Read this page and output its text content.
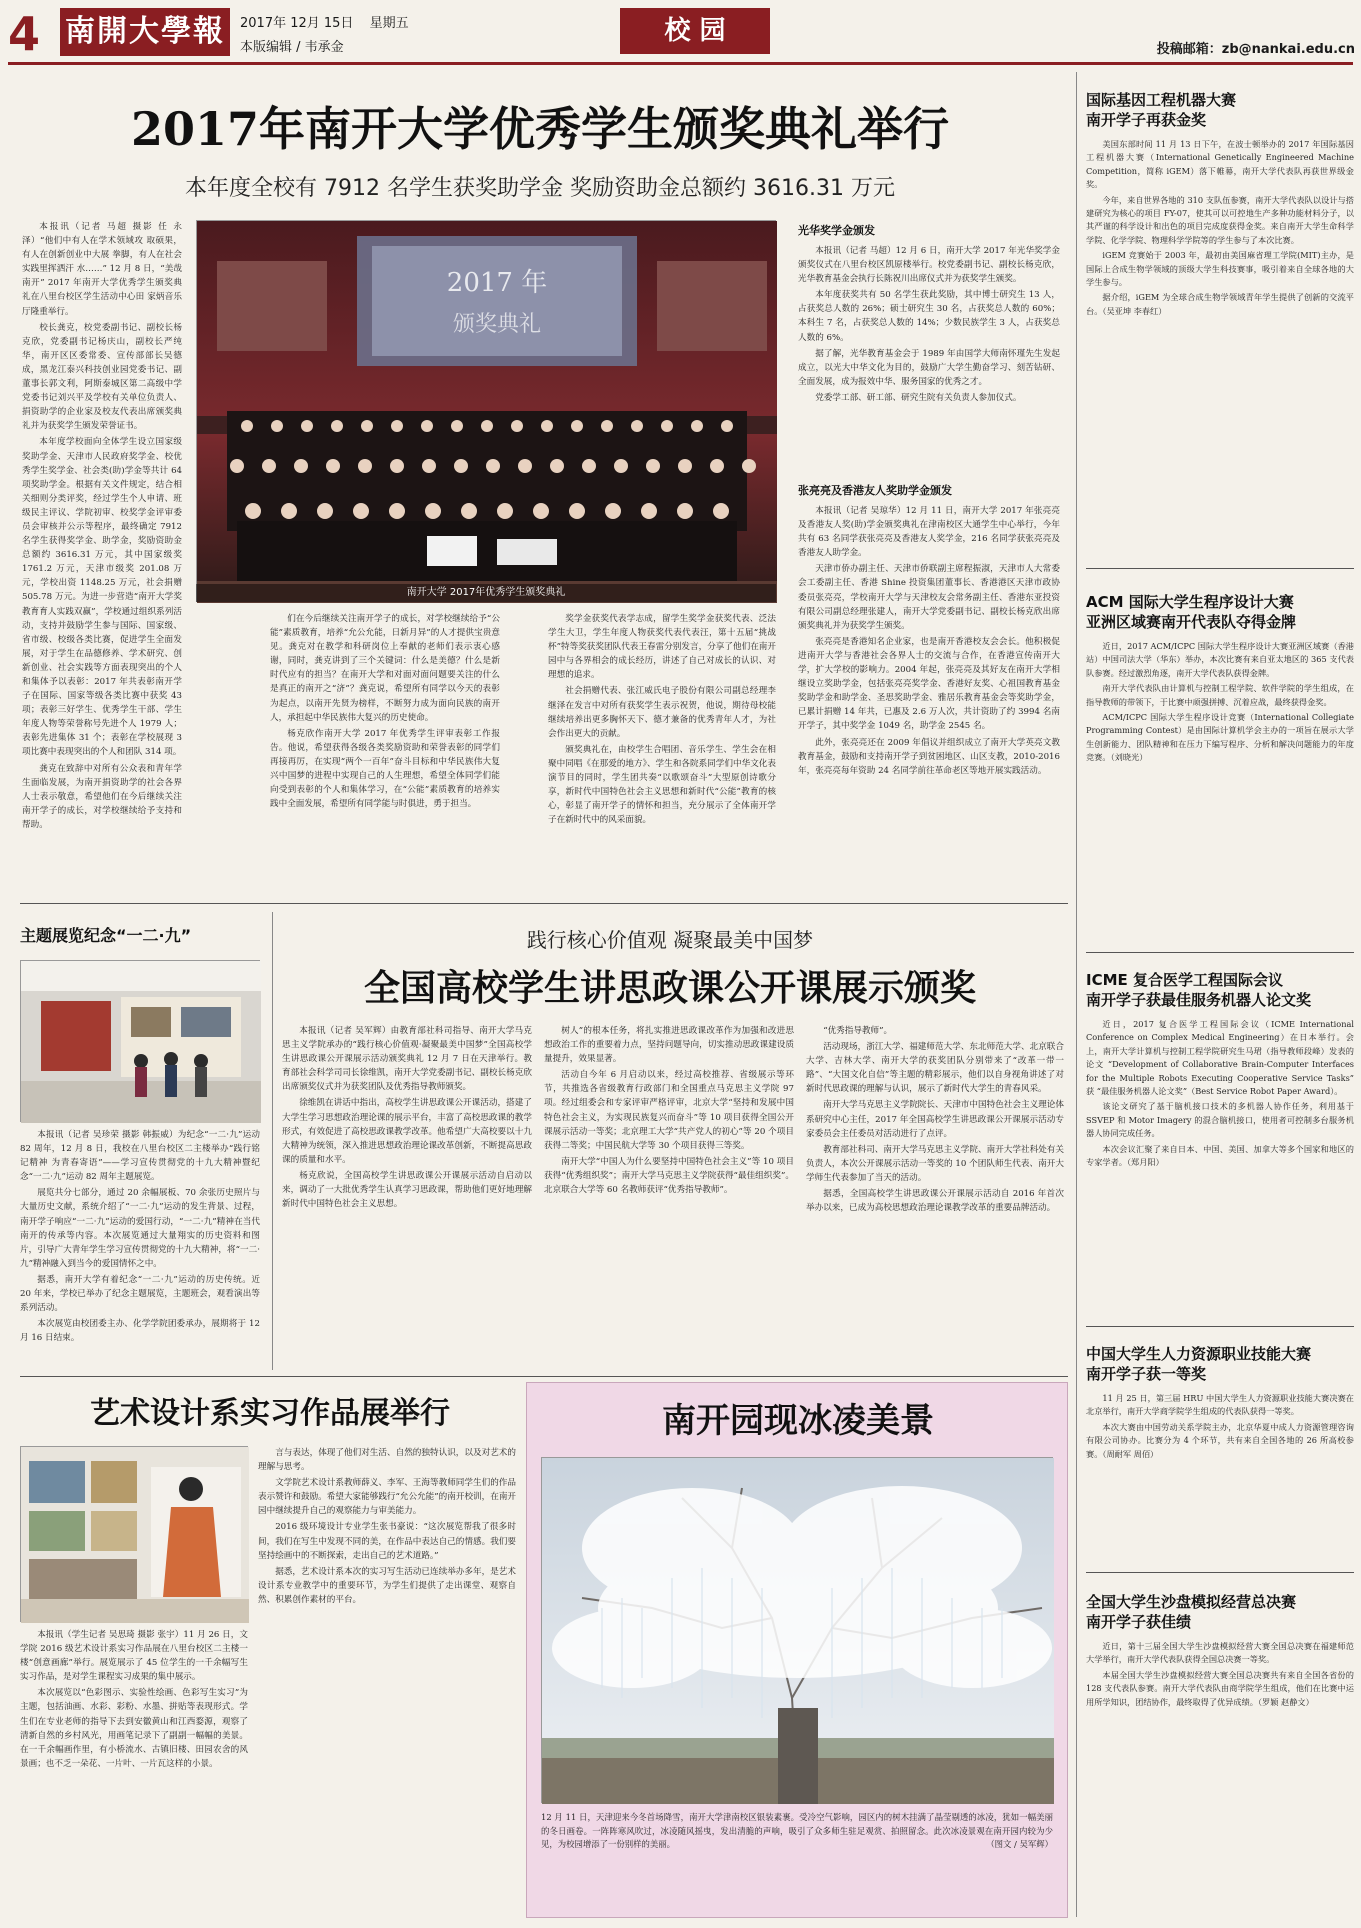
4 南開大學報	2017年 12月 15日 星期五
本版编辑 / 韦承金
校 园
投稿邮箱：zb@nankai.edu.cn
2017年南开大学优秀学生颁奖典礼举行
本年度全校有 7912 名学生获奖助学金 奖励资助金总额约 3616.31 万元

本报讯（记者 马超 摄影 任 永泽）“他们中有人在学术领域攻 取硕果，有人在创新创业中大展 拳脚，有人在社会实践里挥洒汗 水……” 12 月 8 日，“美哉南开” 2017 年南开大学优秀学生颁奖典 礼在八里台校区学生活动中心田 家炳音乐厅隆重举行。

校长龚克，校党委副书记、副校长杨克欣，党委副书记杨庆山，副校长严纯华，南开区区委常委、宣传部部长吴德成，黑龙江泰兴科技创业园党委书记、副董事长郭文利，阿斯泰城区第二高级中学党委书记刘兴平及学校有关单位负责人、捐资助学的企业家及校友代表出席颁奖典礼并为获奖学生颁发荣誉证书。

本年度学校面向全体学生设立国家级奖助学金、天津市人民政府奖学金、校优秀学生奖学金、社会类(助)学金等共计 64 项奖助学金。根据有关文件规定，结合相关细则分类评奖，经过学生个人申请、班级民主评议、学院初审、校奖学金评审委员会审核并公示等程序，最终确定 7912 名学生获得奖学金、助学金，奖励资助金总额约 3616.31 万元，其中国家级奖 1761.2 万元，天津市级奖 201.08 万元，学校出资 1148.25 万元，社会捐赠 505.78 万元。为进一步营造“南开大学奖教育育人实践双赢”，学校通过组织系列活动，支持并鼓励学生参与国际、国家级、省市级、校级各类比赛，促进学生全面发展，对于学生在品德修养、学术研究、创新创业、社会实践等方面表现突出的个人和集体予以表彰：2017 年共表彰南开学子在国际、国家等级各类比赛中获奖 43 项；表彰三好学生、优秀学生干部、学生年度人物等荣誉称号先进个人 1979 人；表彰先进集体 31 个；表彰在学校展现 3 项比赛中表现突出的个人和团队 314 项。

龚克在致辞中对所有公众表和青年学生面临发展，为南开捐资助学的社会各界人士表示敬意，希望他们在今后继续关注南开学子的成长，对学校继续给予支持和帮助。

2017 年
颁奖典礼

们在今后继续关注南开学子的成长，对学校继续给予“公能”素质教育，培养“允公允能，日新月异”的人才提供宝贵意见。龚克对在教学和科研岗位上奉献的老师们表示衷心感谢，同时，龚克讲到了三个关键词：什么是美德？什么是新时代应有的担当？在南开大学和对面对面问题要关注的什么是真正的南开之“济”？龚克说，希望所有同学以今天的表彰为起点，以南开先贤为榜样，不断努力成为面向民族的南开人，承担起中华民族伟大复兴的历史使命。

杨克欣作南开大学 2017 年优秀学生评审表彰工作报告。他说，希望获得各级各类奖励资助和荣誉表彰的同学们再接再厉，在实现“两个一百年”奋斗目标和中华民族伟大复兴中国梦的进程中实现自己的人生理想，希望全体同学们能向受到表彰的个人和集体学习，在“公能”素质教育的培养实践中全面发展，希望所有同学能与时俱进，勇于担当。

奖学金获奖代表学志成，留学生奖学金获奖代表、泛法学生大卫，学生年度人物获奖代表代表汪，第十五届“挑战杯”特等奖获奖团队代表王春雷分别发言，分享了他们在南开园中与各界相会的成长经历，讲述了自己对成长的认识、对理想的追求。

社会捐赠代表、张江威氏电子股份有限公司副总经理李继泽在发言中对所有获奖学生表示祝贺，他说，期待母校能继续培养出更多胸怀天下、德才兼备的优秀青年人才，为社会作出更大的贡献。

颁奖典礼在，由校学生合唱团、音乐学生、学生会在相聚中同唱《在那爱的地方》、学生和各院系同学们中华文化表演节目的同时，学生团共奏“以歌颂奋斗”大型原创诗歌分享，新时代中国特色社会主义思想和新时代“公能”教育的核心，彰显了南开学子的情怀和担当，充分展示了全体南开学子在新时代中的风采面貌。

光华奖学金颁发

本报讯（记者 马超）12 月 6 日，南开大学 2017 年光华奖学金颁奖仪式在八里台校区凯原楼举行。校党委副书记、副校长杨克欣，光华教育基金会执行长陈祝川出席仪式并为获奖学生颁奖。

本年度获奖共有 50 名学生获此奖励，其中博士研究生 13 人，占获奖总人数的 26%；硕士研究生 30 名，占获奖总人数的 60%；本科生 7 名，占获奖总人数的 14%；少数民族学生 3 人，占获奖总人数的 6%。

据了解，光华教育基金会于 1989 年由国学大师南怀瑾先生发起成立，以光大中华文化为目的，鼓励广大学生勤奋学习、刻苦钻研、全面发展，成为报效中华、服务国家的优秀之才。

党委学工部、研工部、研究生院有关负责人参加仪式。

张亮亮及香港友人奖助学金颁发

本报讯（记者 吴琼华）12 月 11 日，南开大学 2017 年张亮亮及香港友人奖(助)学金颁奖典礼在津南校区大通学生中心举行，今年共有 63 名同学获张亮亮及香港友人奖学金，216 名同学获张亮亮及香港友人助学金。

天津市侨办副主任、天津市侨联副主席程振淑，天津市人大常委会工委副主任、香港 Shine 投资集团董事长、香港港区天津市政协委员张亮亮，学校南开大学与天津校友会常务副主任、香港东亚投资有限公司副总经理张建人，南开大学党委副书记、副校长杨克欣出席颁奖典礼并为获奖学生颁奖。

张亮亮是香港知名企业家，也是南开香港校友会会长。他积极促进南开大学与香港社会各界人士的交流与合作，在香港宣传南开大学，扩大学校的影响力。2004 年起，张亮亮及其好友在南开大学相继设立奖助学金，包括张亮亮奖学金、香港好友奖、心祖国教育基金奖助学金和助学金、圣思奖助学金、雅居乐教育基金会等奖助学金，已累计捐赠 14 年共，已惠及 2.6 万人次，共计资助了约 3994 名南开学子，其中奖学金 1049 名，助学金 2545 名。

此外，张亮亮还在 2009 年倡议并组织成立了南开大学英亮文教教育基金，鼓励和支持南开学子到贫困地区、山区支教，2010-2016 年，张亮亮每年资助 24 名同学前往革命老区等地开展实践活动。

国际基因工程机器大赛
南开学子再获金奖

美国东部时间 11 月 13 日下午，在波士顿举办的 2017 年国际基因工程机器大赛（International Genetically Engineered Machine Competition，简称 iGEM）落下帷幕，南开大学代表队再获世界级金奖。

今年，来自世界各地的 310 支队伍参赛，南开大学代表队以设计与搭建研究为核心的项目 FY-07，使其可以可控地生产多种功能材料分子，以其严谨的科学设计和出色的项目完成度获得金奖。来自南开大学生命科学学院、化学学院、物理科学学院等的学生参与了本次比赛。

iGEM 竞赛始于 2003 年，最初由美国麻省理工学院(MIT)主办，是国际上合成生物学领域的顶级大学生科技赛事，吸引着来自全球各地的大学生参与。

据介绍，iGEM 为全球合成生物学领域青年学生提供了创新的交流平台。（吴亚坤 李春红）

ACM 国际大学生程序设计大赛
亚洲区域赛南开代表队夺得金牌

近日，2017 ACM/ICPC 国际大学生程序设计大赛亚洲区域赛（香港站）中国司法大学（华东）举办，本次比赛有来自亚太地区的 365 支代表队参赛。经过激烈角逐，南开大学代表队获得金牌。

南开大学代表队由计算机与控制工程学院、软件学院的学生组成，在指导教师的带领下，于比赛中顽强拼搏、沉着应战，最终获得金奖。

ACM/ICPC 国际大学生程序设计竞赛（International Collegiate Programming Contest）是由国际计算机学会主办的一项旨在展示大学生创新能力、团队精神和在压力下编写程序、分析和解决问题能力的年度竞赛。（刘晓光）

ICME 复合医学工程国际会议
南开学子获最佳服务机器人论文奖

近日，2017 复合医学工程国际会议（ICME International Conference on Complex Medical Engineering）在日本举行。会上，南开大学计算机与控制工程学院研究生马珺（指导教师段峰）发表的论文 “Development of Collaborative Brain-Computer Interfaces for the Multiple Robots Executing Cooperative Service Tasks” 获 “最佳服务机器人论文奖”（Best Service Robot Paper Award）。

该论文研究了基于脑机接口技术的多机器人协作任务，利用基于 SSVEP 和 Motor Imagery 的混合脑机接口，使用者可控制多台服务机器人协同完成任务。

本次会议汇聚了来自日本、中国、美国、加拿大等多个国家和地区的专家学者。（郑月阳）

中国大学生人力资源职业技能大赛
南开学子获一等奖

11 月 25 日，第三届 HRU 中国大学生人力资源职业技能大赛决赛在北京举行，南开大学商学院学生组成的代表队获得一等奖。

本次大赛由中国劳动关系学院主办，北京华夏中成人力资源管理咨询有限公司协办。比赛分为 4 个环节，共有来自全国各地的 26 所高校参赛。（周耐军 周佰）

全国大学生沙盘模拟经营总决赛
南开学子获佳绩

近日，第十三届全国大学生沙盘模拟经营大赛全国总决赛在福建师范大学举行，南开大学代表队获得全国总决赛一等奖。

本届全国大学生沙盘模拟经营大赛全国总决赛共有来自全国各省份的 128 支代表队参赛。南开大学代表队由商学院学生组成，他们在比赛中运用所学知识，团结协作，最终取得了优异成绩。（罗颖 赵静文）

主题展览纪念“一二·九”

本报讯（记者 吴珍荣 摄影 韩振威）为纪念“一二·九”运动 82 周年，12 月 8 日，我校在八里台校区二主楼举办“践行铭记精神 为青春寄语”——学习宣传贯彻党的十九大精神暨纪念“一二·九”运动 82 周年主题展览。

展览共分七部分，通过 20 余幅展板、70 余张历史照片与大量历史文献，系统介绍了“一二·九”运动的发生背景、过程，南开学子响应“一二·九”运动的爱国行动，“一二·九”精神在当代南开的传承等内容。本次展览通过大量翔实的历史资料和图片，引导广大青年学生学习宣传贯彻党的十九大精神，将“一二·九”精神融入到当今的爱国情怀之中。

据悉，南开大学有着纪念“一二·九”运动的历史传统。近 20 年来，学校已举办了纪念主题展览，主题班会，观看演出等系列活动。

本次展览由校团委主办、化学学院团委承办，展期将于 12 月 16 日结束。

践行核心价值观 凝聚最美中国梦
全国高校学生讲思政课公开课展示颁奖

本报讯（记者 吴军辉）由教育部社科司指导、南开大学马克思主义学院承办的“践行核心价值观·凝聚最美中国梦”全国高校学生讲思政课公开课展示活动颁奖典礼 12 月 7 日在天津举行。教育部社会科学司司长徐维凯，南开大学党委副书记、副校长杨克欣出席颁奖仪式并为获奖团队及优秀指导教师颁奖。

徐维凯在讲话中指出，高校学生讲思政课公开课活动，搭建了大学生学习思想政治理论课的展示平台，丰富了高校思政课的教学形式，有效促进了高校思政课教学改革。他希望广大高校要以十九大精神为统领，深入推进思想政治理论课改革创新，不断提高思政课的质量和水平。

杨克欣说，全国高校学生讲思政课公开课展示活动自启动以来，调动了一大批优秀学生认真学习思政课，帮助他们更好地理解新时代中国特色社会主义思想。

树人”的根本任务，将扎实推进思政课改革作为加强和改进思想政治工作的重要着力点，坚持问题导向，切实推动思政课建设质量提升，效果显著。

活动自今年 6 月启动以来，经过高校推荐、省级展示等环节，共推选各省级教育行政部门和全国重点马克思主义学院 97 项。经过组委会和专家评审严格评审，北京大学“坚持和发展中国特色社会主义，为实现民族复兴而奋斗”等 10 项目获得全国公开课展示活动一等奖；北京理工大学“共产党人的初心”等 20 个项目获得二等奖；中国民航大学等 30 个项目获得三等奖。

南开大学“中国人为什么要坚持中国特色社会主义”等 10 项目获得“优秀组织奖”；南开大学马克思主义学院获得“最佳组织奖”。北京联合大学等 60 名教师获评“优秀指导教师”。

“优秀指导教师”。

活动现场，浙江大学、福建师范大学、东北师范大学、北京联合大学、吉林大学、南开大学的获奖团队分别带来了“改革一带一路”、“大国文化自信”等主题的精彩展示，他们以自身视角讲述了对新时代思政课的理解与认识，展示了新时代大学生的青春风采。

南开大学马克思主义学院院长、天津市中国特色社会主义理论体系研究中心主任，2017 年全国高校学生讲思政课公开课展示活动专家委员会主任委员对活动进行了点评。

教育部社科司、南开大学马克思主义学院、南开大学社科处有关负责人，本次公开课展示活动一等奖的 10 个团队师生代表、南开大学师生代表参加了当天的活动。

据悉，全国高校学生讲思政课公开课展示活动自 2016 年首次举办以来，已成为高校思想政治理论课教学改革的重要品牌活动。

艺术设计系实习作品展举行

本报讯（学生记者 吴思琦 摄影 张宇）11 月 26 日，文学院 2016 级艺术设计系实习作品展在八里台校区二主楼一楼“创意画廊”举行。展览展示了 45 位学生的一千余幅写生实习作品，是对学生课程实习成果的集中展示。

本次展览以“色彩图示、实验性绘画、色彩写生实习”为主题，包括油画、水彩、彩粉、水墨、拼贴等表现形式。学生们在专业老师的指导下去到安徽黄山和江西婺源，观察了清新自然的乡村风光，用画笔记录下了副副一幅幅的美景。在一千余幅画作里，有小桥流水、古镇旧楼、田园农舍的风景画；也不乏一朵花、一片叶、一片瓦这样的小景。

言与表达，体现了他们对生活、自然的独特认识，以及对艺术的理解与思考。

文学院艺术设计系教师薛义、李军、王海等教师同学生们的作品表示赞许和鼓励。希望大家能够践行“允公允能”的南开校训，在南开园中继续提升自己的观察能力与审美能力。

2016 级环境设计专业学生张书豪说：“这次展览帮我了很多时间，我们在写生中发现不同的美，在作品中表达自己的情感。我们要坚持绘画中的不断探索，走出自己的艺术道路。”

据悉，艺术设计系本次的实习写生活动已连续举办多年，是艺术设计系专业教学中的重要环节，为学生们提供了走出课堂、观察自然、积累创作素材的平台。

南开园现冰凌美景
12 月 11 日，天津迎来今冬首场降雪，南开大学津南校区银装素裹。受冷空气影响，园区内的树木挂满了晶莹剔透的冰凌，犹如一幅美丽的冬日画卷。一阵阵寒风吹过，冰凌随风摇曳，发出清脆的声响，吸引了众多师生驻足观赏、拍照留念。此次冰凌景观在南开园内较为少见，为校园增添了一份别样的美丽。	（图文 / 吴军辉）
南开大学 2017年优秀学生颁奖典礼
